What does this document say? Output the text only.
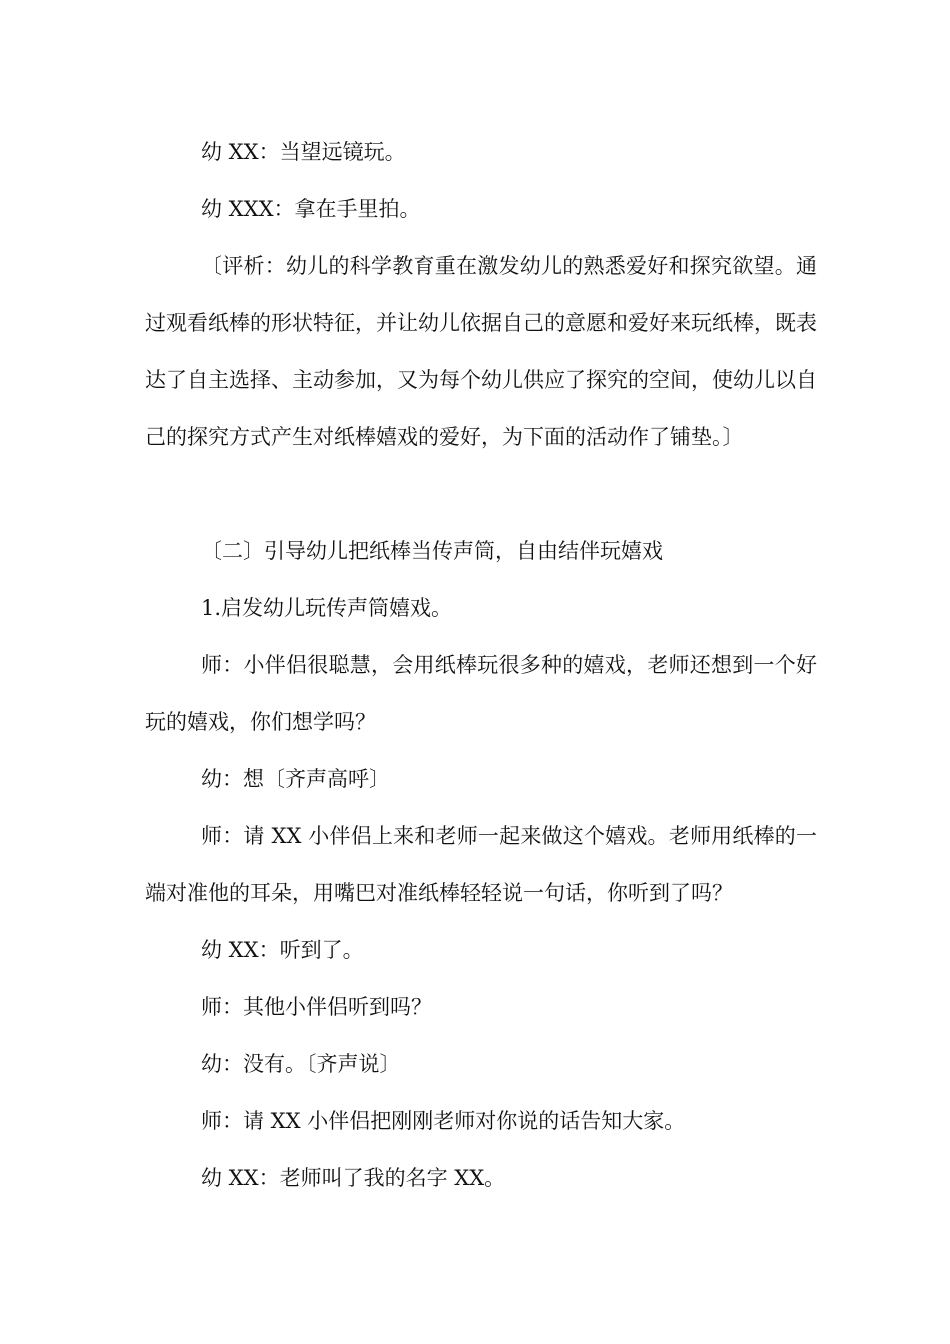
幼 XX：当望远镜玩。

幼 XXX：拿在手里拍。

〔评析：幼儿的科学教育重在激发幼儿的熟悉爱好和探究欲望。通过观看纸棒的形状特征，并让幼儿依据自己的意愿和爱好来玩纸棒，既表达了自主选择、主动参加，又为每个幼儿供应了探究的空间，使幼儿以自己的探究方式产生对纸棒嬉戏的爱好，为下面的活动作了铺垫。〕

〔二〕引导幼儿把纸棒当传声筒，自由结伴玩嬉戏

1.启发幼儿玩传声筒嬉戏。

师：小伴侣很聪慧，会用纸棒玩很多种的嬉戏，老师还想到一个好玩的嬉戏，你们想学吗？

幼：想〔齐声高呼〕

师：请 XX 小伴侣上来和老师一起来做这个嬉戏。老师用纸棒的一端对准他的耳朵，用嘴巴对准纸棒轻轻说一句话，你听到了吗？

幼 XX：听到了。

师：其他小伴侣听到吗？

幼：没有。〔齐声说〕

师：请 XX 小伴侣把刚刚老师对你说的话告知大家。

幼 XX：老师叫了我的名字 XX。
